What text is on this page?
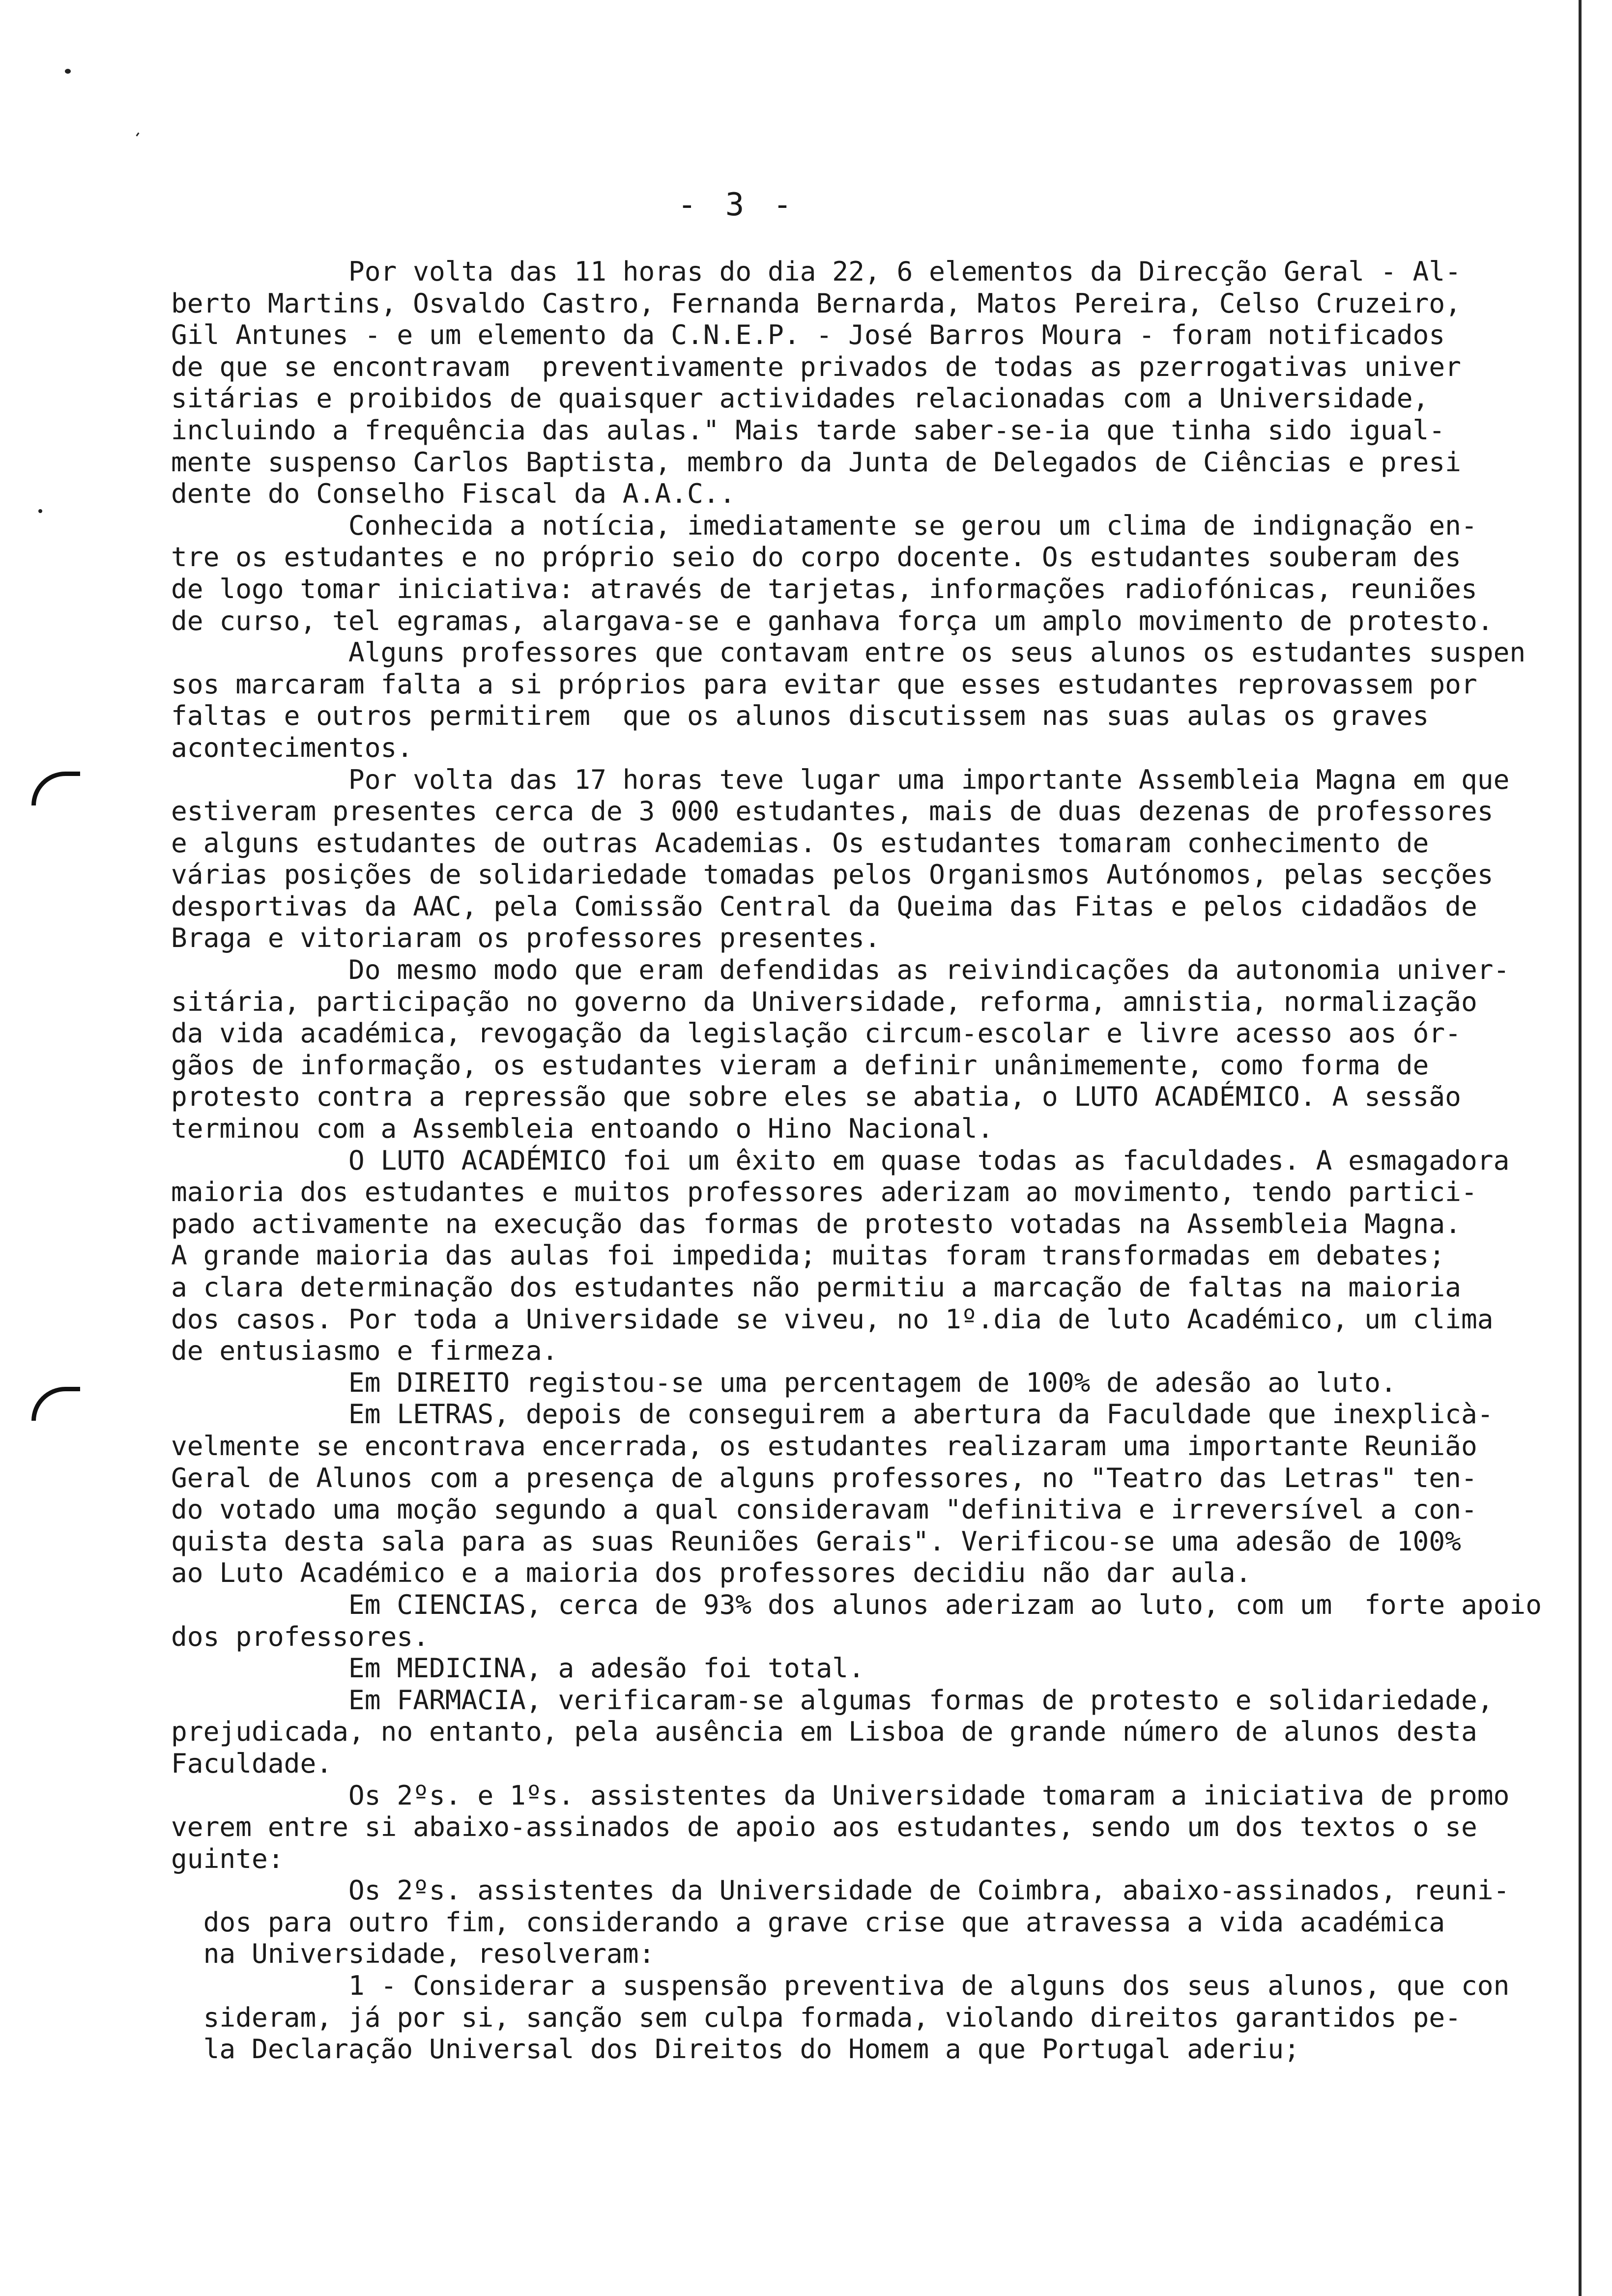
- 3 -
Por volta das 11 horas do dia 22, 6 elementos da Direcção Geral - Al-
berto Martins, Osvaldo Castro, Fernanda Bernarda, Matos Pereira, Celso Cruzeiro,
Gil Antunes - e um elemento da C.N.E.P. - José Barros Moura - foram notificados
de que se encontravam  preventivamente privados de todas as pzerrogativas univer
sitárias e proibidos de quaisquer actividades relacionadas com a Universidade,
incluindo a frequência das aulas." Mais tarde saber-se-ia que tinha sido igual-
mente suspenso Carlos Baptista, membro da Junta de Delegados de Ciências e presi
dente do Conselho Fiscal da A.A.C..
Conhecida a notícia, imediatamente se gerou um clima de indignação en-
tre os estudantes e no próprio seio do corpo docente. Os estudantes souberam des
de logo tomar iniciativa: através de tarjetas, informações radiofónicas, reuniões
de curso, tel egramas, alargava-se e ganhava força um amplo movimento de protesto.
Alguns professores que contavam entre os seus alunos os estudantes suspen
sos marcaram falta a si próprios para evitar que esses estudantes reprovassem por
faltas e outros permitirem  que os alunos discutissem nas suas aulas os graves
acontecimentos.
Por volta das 17 horas teve lugar uma importante Assembleia Magna em que
estiveram presentes cerca de 3 000 estudantes, mais de duas dezenas de professores
e alguns estudantes de outras Academias. Os estudantes tomaram conhecimento de
várias posições de solidariedade tomadas pelos Organismos Autónomos, pelas secções
desportivas da AAC, pela Comissão Central da Queima das Fitas e pelos cidadãos de
Braga e vitoriaram os professores presentes.
Do mesmo modo que eram defendidas as reivindicações da autonomia univer-
sitária, participação no governo da Universidade, reforma, amnistia, normalização
da vida académica, revogação da legislação circum-escolar e livre acesso aos ór-
gãos de informação, os estudantes vieram a definir unânimemente, como forma de
protesto contra a repressão que sobre eles se abatia, o LUTO ACADÉMICO. A sessão
terminou com a Assembleia entoando o Hino Nacional.
O LUTO ACADÉMICO foi um êxito em quase todas as faculdades. A esmagadora
maioria dos estudantes e muitos professores aderizam ao movimento, tendo partici-
pado activamente na execução das formas de protesto votadas na Assembleia Magna.
A grande maioria das aulas foi impedida; muitas foram transformadas em debates;
a clara determinação dos estudantes não permitiu a marcação de faltas na maioria
dos casos. Por toda a Universidade se viveu, no 1º.dia de luto Académico, um clima
de entusiasmo e firmeza.
Em DIREITO registou-se uma percentagem de 100% de adesão ao luto.
Em LETRAS, depois de conseguirem a abertura da Faculdade que inexplicà-
velmente se encontrava encerrada, os estudantes realizaram uma importante Reunião
Geral de Alunos com a presença de alguns professores, no "Teatro das Letras" ten-
do votado uma moção segundo a qual consideravam "definitiva e irreversível a con-
quista desta sala para as suas Reuniões Gerais". Verificou-se uma adesão de 100%
ao Luto Académico e a maioria dos professores decidiu não dar aula.
Em CIENCIAS, cerca de 93% dos alunos aderizam ao luto, com um  forte apoio
dos professores.
Em MEDICINA, a adesão foi total.
Em FARMACIA, verificaram-se algumas formas de protesto e solidariedade,
prejudicada, no entanto, pela ausência em Lisboa de grande número de alunos desta
Faculdade.
Os 2ºs. e 1ºs. assistentes da Universidade tomaram a iniciativa de promo
verem entre si abaixo-assinados de apoio aos estudantes, sendo um dos textos o se
guinte:
Os 2ºs. assistentes da Universidade de Coimbra, abaixo-assinados, reuni-
dos para outro fim, considerando a grave crise que atravessa a vida académica
na Universidade, resolveram:
1 - Considerar a suspensão preventiva de alguns dos seus alunos, que con
sideram, já por si, sanção sem culpa formada, violando direitos garantidos pe-
la Declaração Universal dos Direitos do Homem a que Portugal aderiu;
